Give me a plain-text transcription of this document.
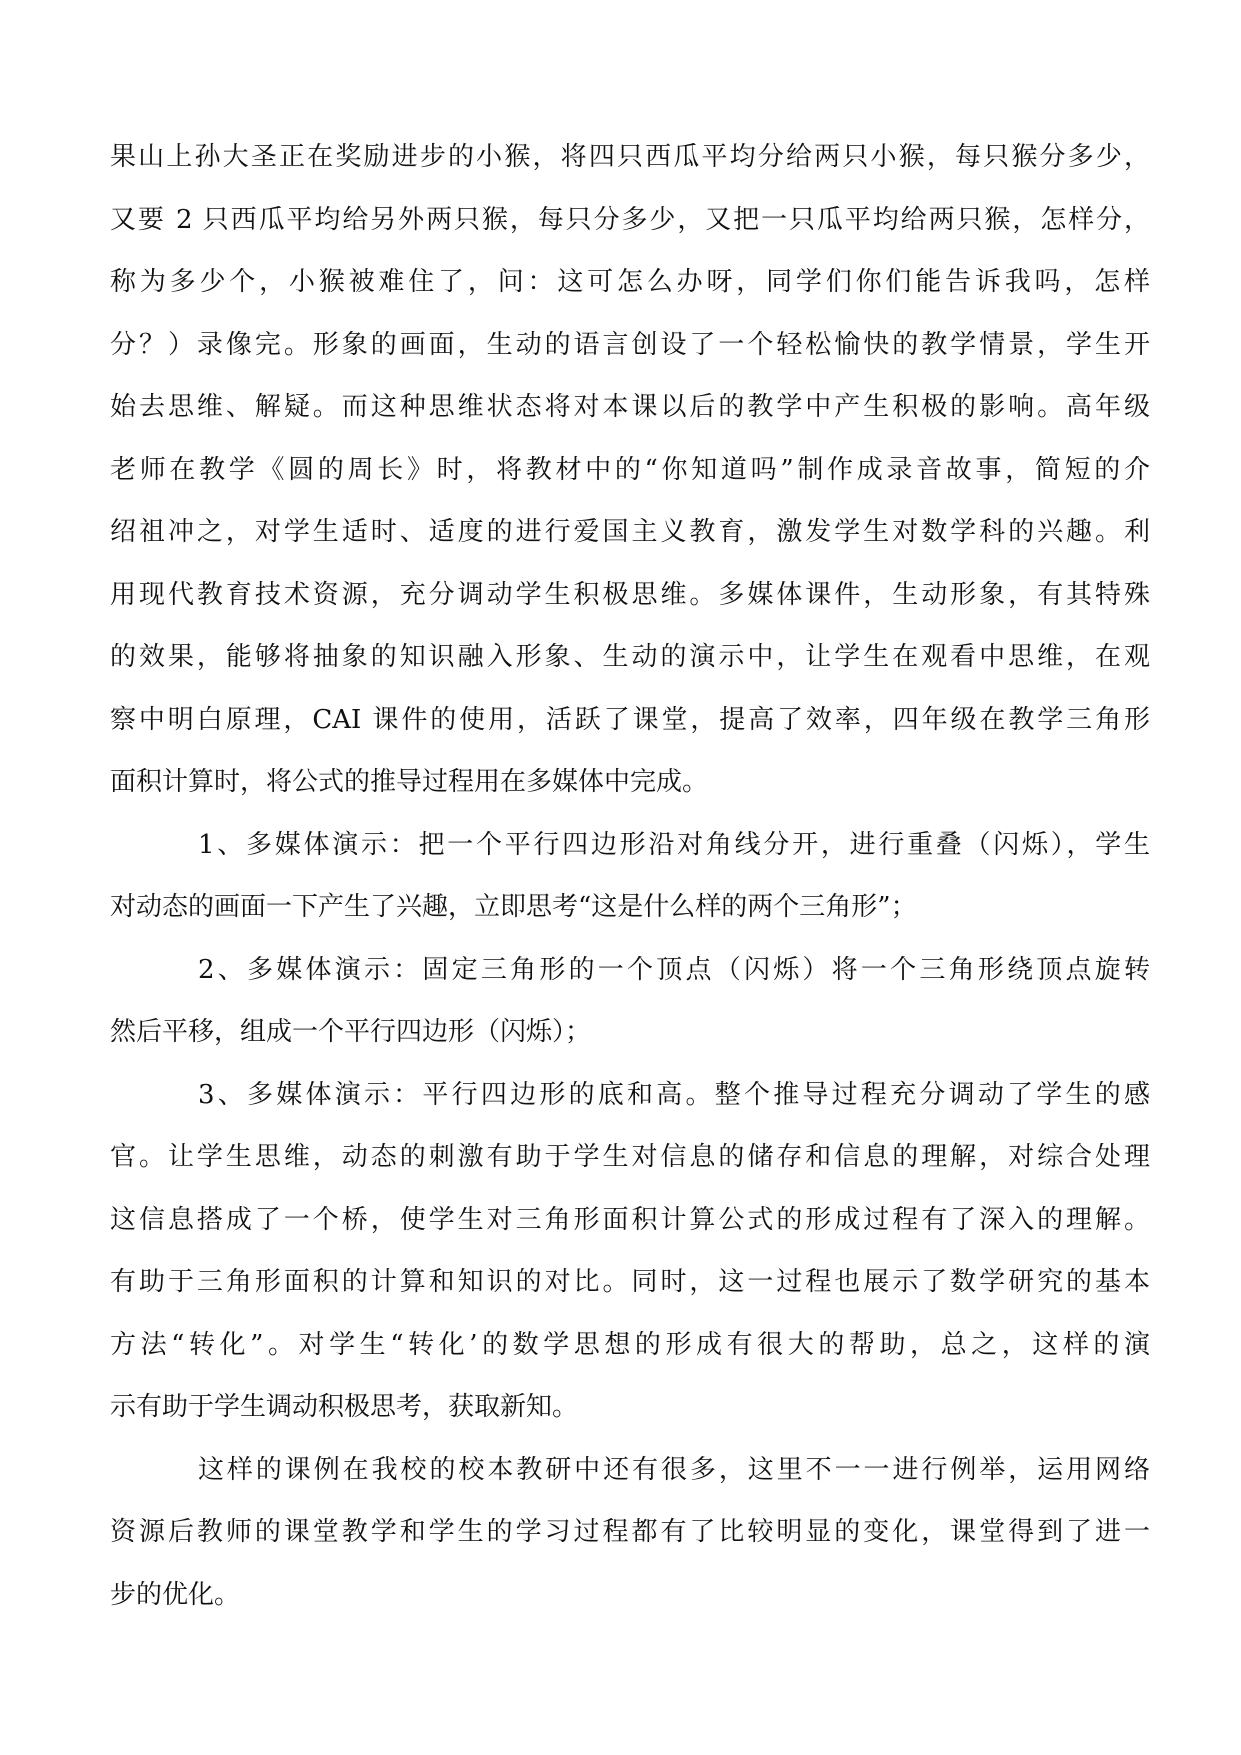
果山上孙大圣正在奖励进步的小猴，将四只西瓜平均分给两只小猴，每只猴分多少，
又要 2 只西瓜平均给另外两只猴，每只分多少，又把一只瓜平均给两只猴，怎样分，
称为多少个，小猴被难住了，问：这可怎么办呀，同学们你们能告诉我吗，怎样
分？）录像完。形象的画面，生动的语言创设了一个轻松愉快的教学情景，学生开
始去思维、解疑。而这种思维状态将对本课以后的教学中产生积极的影响。高年级
老师在教学《圆的周长》时，将教材中的“你知道吗”制作成录音故事，简短的介
绍祖冲之，对学生适时、适度的进行爱国主义教育，激发学生对数学科的兴趣。利
用现代教育技术资源，充分调动学生积极思维。多媒体课件，生动形象，有其特殊
的效果，能够将抽象的知识融入形象、生动的演示中，让学生在观看中思维，在观
察中明白原理，CAI 课件的使用，活跃了课堂，提高了效率，四年级在教学三角形
面积计算时，将公式的推导过程用在多媒体中完成。
1、多媒体演示：把一个平行四边形沿对角线分开，进行重叠（闪烁），学生
对动态的画面一下产生了兴趣，立即思考“这是什么样的两个三角形”；
2、多媒体演示：固定三角形的一个顶点（闪烁）将一个三角形绕顶点旋转
然后平移，组成一个平行四边形（闪烁）；
3、多媒体演示：平行四边形的底和高。整个推导过程充分调动了学生的感
官。让学生思维，动态的刺激有助于学生对信息的储存和信息的理解，对综合处理
这信息搭成了一个桥，使学生对三角形面积计算公式的形成过程有了深入的理解。
有助于三角形面积的计算和知识的对比。同时，这一过程也展示了数学研究的基本
方法“转化”。对学生“转化’的数学思想的形成有很大的帮助，总之，这样的演
示有助于学生调动积极思考，获取新知。
这样的课例在我校的校本教研中还有很多，这里不一一进行例举，运用网络
资源后教师的课堂教学和学生的学习过程都有了比较明显的变化，课堂得到了进一
步的优化。
